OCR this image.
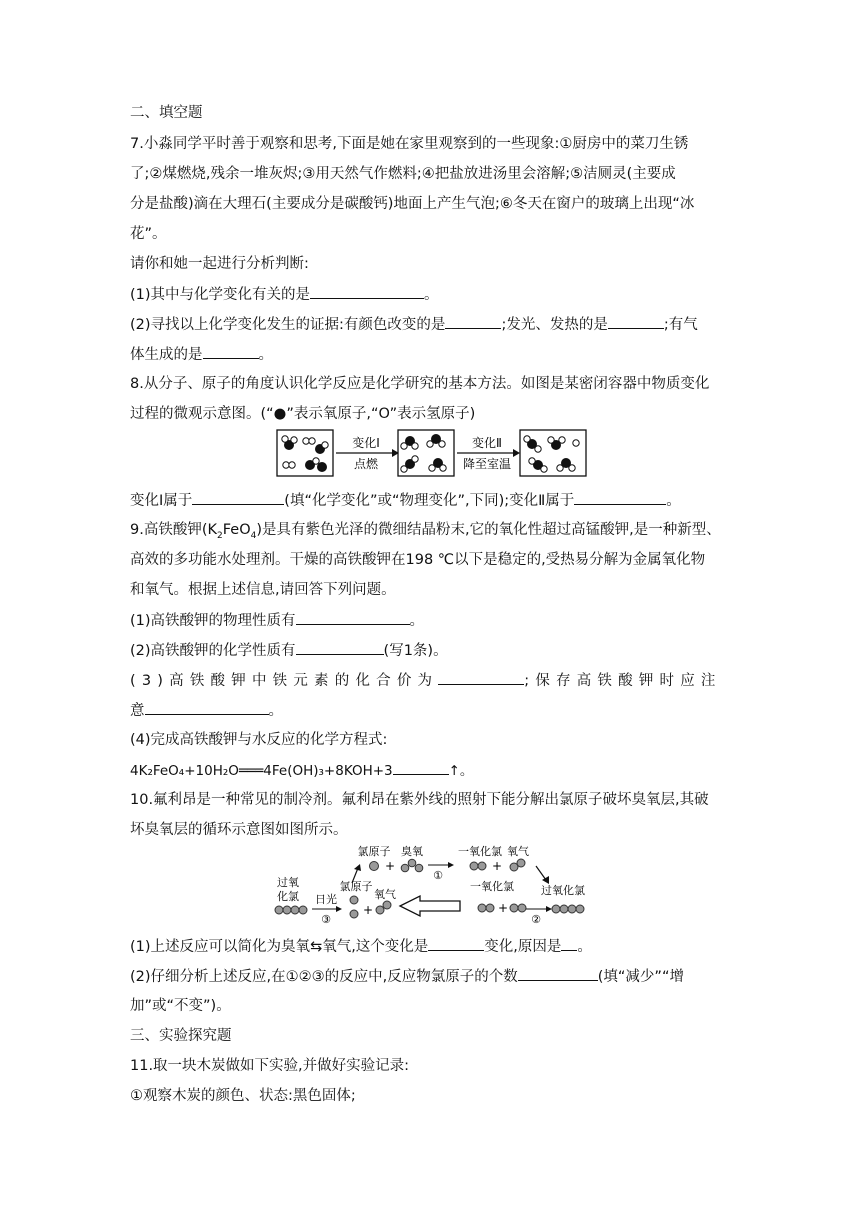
二、填空题
7.小淼同学平时善于观察和思考,下面是她在家里观察到的一些现象:①厨房中的菜刀生锈
了;②煤燃烧,残余一堆灰烬;③用天然气作燃料;④把盐放进汤里会溶解;⑤洁厕灵(主要成
分是盐酸)滴在大理石(主要成分是碳酸钙)地面上产生气泡;⑥冬天在窗户的玻璃上出现“冰
花”。
请你和她一起进行分析判断:
(1)其中与化学变化有关的是	。
(2)寻找以上化学变化发生的证据:有颜色改变的是	;发光、发热的是	;有气
体生成的是	。
8.从分子、原子的角度认识化学反应是化学研究的基本方法。如图是某密闭容器中物质变化
过程的微观示意图。(“●”表示氧原子,“O”表示氢原子)
变化Ⅰ
点燃
变化Ⅱ
降至室温
变化Ⅰ属于	(填“化学变化”或“物理变化”,下同);变化Ⅱ属于	。
9.高铁酸钾$(K_2FeO_4)$是具有紫色光泽的微细结晶粉末,它的氧化性超过高锰酸钾,是一种新型、
高效的多功能水处理剂。干燥的高铁酸钾在198 ℃以下是稳定的,受热易分解为金属氧化物
和氧气。根据上述信息,请回答下列问题。
(1)高铁酸钾的物理性质有	。
(2)高铁酸钾的化学性质有	(写1条)。
(3)高铁酸钾中铁元素的化合价为	;保存高铁酸钾时应注
意	。
(4)完成高铁酸钾与水反应的化学方程式:
4K₂FeO₄+10H₂O═══4Fe(OH)₃+8KOH+3	↑。
10.氟利昂是一种常见的制冷剂。氟利昂在紫外线的照射下能分解出氯原子破坏臭氧层,其破
坏臭氧层的循环示意图如图所示。
氯原子 臭氧
+
①
一氧化氯 氧气
+
过氧
化氯 日光
③
氯原子
氧气
+
一氧化氯
+
②
过氧化氯
(1)上述反应可以简化为臭氧⇆氧气,这个变化是	变化,原因是 。
(2)仔细分析上述反应,在①②③的反应中,反应物氯原子的个数	(填“减少”“增
加”或“不变”)。
三、实验探究题
11.取一块木炭做如下实验,并做好实验记录:
①观察木炭的颜色、状态:黑色固体;
